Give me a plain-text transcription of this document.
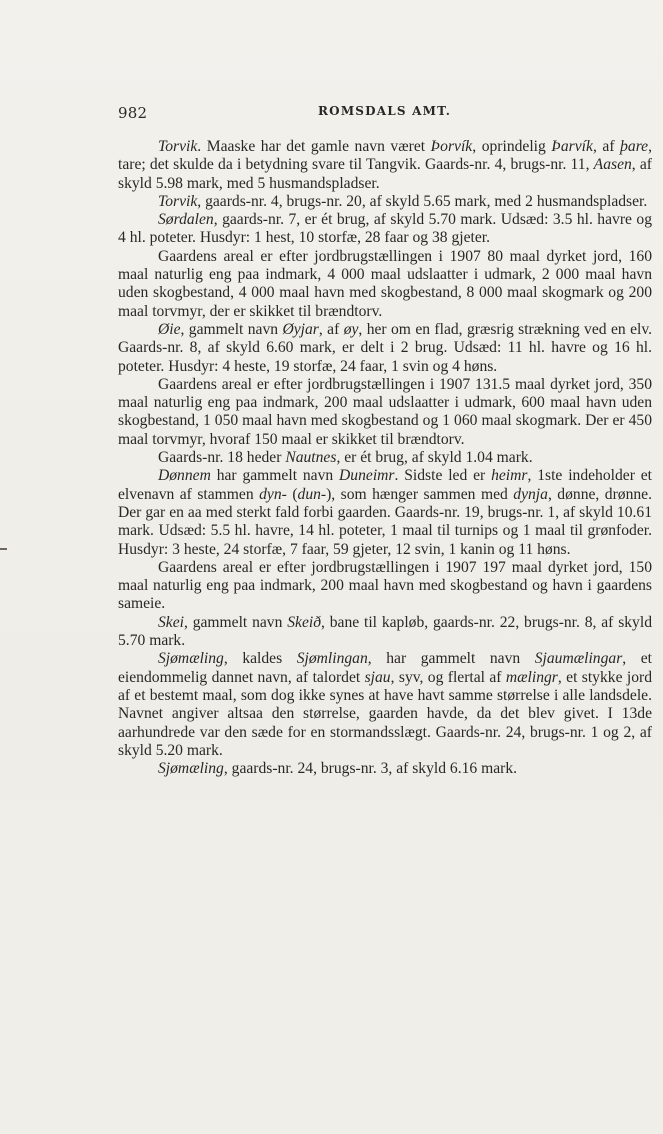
982	ROMSDALS AMT.

Torvik. Maaske har det gamle navn været Þorvík, oprindelig Þarvík, af þare, tare; det skulde da i betydning svare til Tangvik. Gaards-nr. 4, brugs-nr. 11, Aasen, af skyld 5.98 mark, med 5 husmandspladser.

Torvik, gaards-nr. 4, brugs-nr. 20, af skyld 5.65 mark, med 2 husmandspladser.

Sørdalen, gaards-nr. 7, er ét brug, af skyld 5.70 mark. Udsæd: 3.5 hl. havre og 4 hl. poteter. Husdyr: 1 hest, 10 storfæ, 28 faar og 38 gjeter.

Gaardens areal er efter jordbrugstællingen i 1907 80 maal dyrket jord, 160 maal naturlig eng paa indmark, 4 000 maal udslaatter i udmark, 2 000 maal havn uden skogbestand, 4 000 maal havn med skogbestand, 8 000 maal skogmark og 200 maal torvmyr, der er skikket til brændtorv.

Øie, gammelt navn Øyjar, af øy, her om en flad, græsrig strækning ved en elv. Gaards-nr. 8, af skyld 6.60 mark, er delt i 2 brug. Udsæd: 11 hl. havre og 16 hl. poteter. Husdyr: 4 heste, 19 storfæ, 24 faar, 1 svin og 4 høns.

Gaardens areal er efter jordbrugstællingen i 1907 131.5 maal dyrket jord, 350 maal naturlig eng paa indmark, 200 maal udslaatter i udmark, 600 maal havn uden skogbestand, 1 050 maal havn med skogbestand og 1 060 maal skogmark. Der er 450 maal torvmyr, hvoraf 150 maal er skikket til brændtorv.

Gaards-nr. 18 heder Nautnes, er ét brug, af skyld 1.04 mark.

Dønnem har gammelt navn Duneimr. Sidste led er heimr, 1ste indeholder et elvenavn af stammen dyn- (dun-), som hænger sammen med dynja, dønne, drønne. Der gar en aa med sterkt fald forbi gaarden. Gaards-nr. 19, brugs-nr. 1, af skyld 10.61 mark. Udsæd: 5.5 hl. havre, 14 hl. poteter, 1 maal til turnips og 1 maal til grønfoder. Husdyr: 3 heste, 24 storfæ, 7 faar, 59 gjeter, 12 svin, 1 kanin og 11 høns.

Gaardens areal er efter jordbrugstællingen i 1907 197 maal dyrket jord, 150 maal naturlig eng paa indmark, 200 maal havn med skogbestand og havn i gaardens sameie.

Skei, gammelt navn Skeið, bane til kapløb, gaards-nr. 22, brugs-nr. 8, af skyld 5.70 mark.

Sjømæling, kaldes Sjømlingan, har gammelt navn Sjaumælingar, et eiendommelig dannet navn, af talordet sjau, syv, og flertal af mælingr, et stykke jord af et bestemt maal, som dog ikke synes at have havt samme størrelse i alle landsdele. Navnet angiver altsaa den størrelse, gaarden havde, da det blev givet. I 13de aarhundrede var den sæde for en stormandsslægt. Gaards-nr. 24, brugs-nr. 1 og 2, af skyld 5.20 mark.

Sjømæling, gaards-nr. 24, brugs-nr. 3, af skyld 6.16 mark.
